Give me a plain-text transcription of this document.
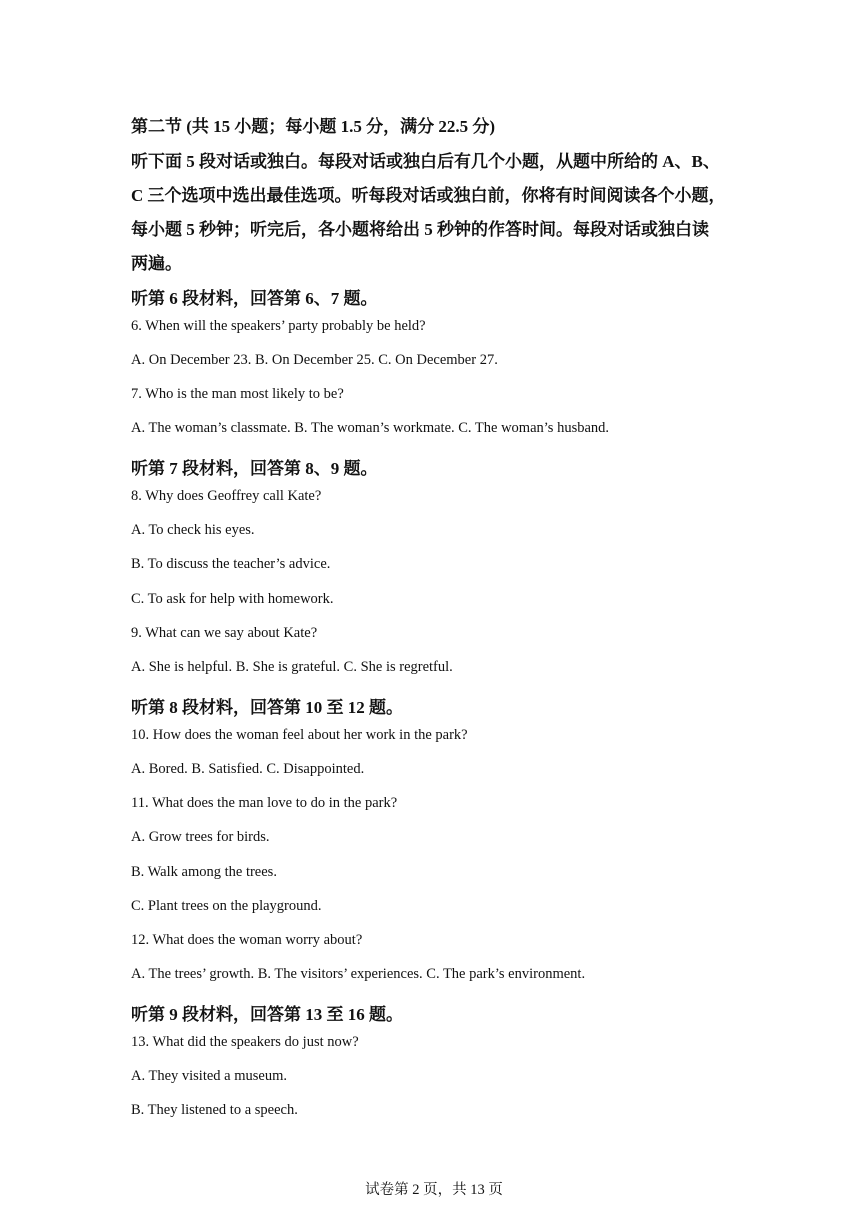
第二节 (共 15 小题；每小题 1.5 分，满分 22.5 分)
听下面 5 段对话或独白。每段对话或独白后有几个小题，从题中所给的 A、B、
C 三个选项中选出最佳选项。听每段对话或独白前，你将有时间阅读各个小题，
每小题 5 秒钟；听完后，各小题将给出 5 秒钟的作答时间。每段对话或独白读
两遍。
听第 6 段材料，回答第 6、7 题。
6. When will the speakers’ party probably be held?
A. On December 23. B. On December 25. C. On December 27.
7. Who is the man most likely to be?
A. The woman’s classmate. B. The woman’s workmate. C. The woman’s husband.
听第 7 段材料，回答第 8、9 题。
8. Why does Geoffrey call Kate?
A. To check his eyes.
B. To discuss the teacher’s advice.
C. To ask for help with homework.
9. What can we say about Kate?
A. She is helpful. B. She is grateful. C. She is regretful.
听第 8 段材料，回答第 10 至 12 题。
10. How does the woman feel about her work in the park?
A. Bored. B. Satisfied. C. Disappointed.
11. What does the man love to do in the park?
A. Grow trees for birds.
B. Walk among the trees.
C. Plant trees on the playground.
12. What does the woman worry about?
A. The trees’ growth. B. The visitors’ experiences. C. The park’s environment.
听第 9 段材料，回答第 13 至 16 题。
13. What did the speakers do just now?
A. They visited a museum.
B. They listened to a speech.
试卷第 2 页，共 13 页
